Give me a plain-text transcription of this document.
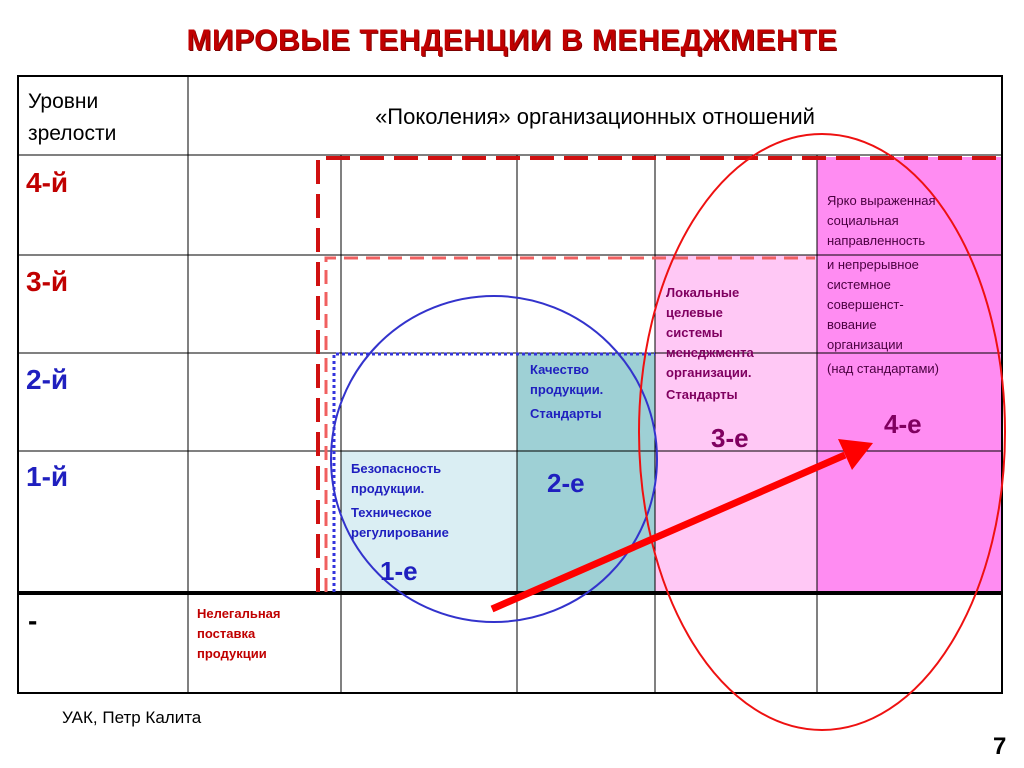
МИРОВЫЕ ТЕНДЕНЦИИ В МЕНЕДЖМЕНТЕ
Уровни
зрелости
«Поколения» организационных отношений
4-й
3-й
2-й
1-й
-	Нелегальная
поставка
продукции
Безопасность
продукции.
Техническое
регулирование
1-е
Качество
продукции.
Стандарты
2-е
Локальные
целевые
системы
менеджмента
организации.
Стандарты
3-е
Ярко выраженная
социальная
направленность
и непрерывное
системное
совершенст-
вование
организации
(над стандартами)
4-е
УАК, Петр Калита
7
